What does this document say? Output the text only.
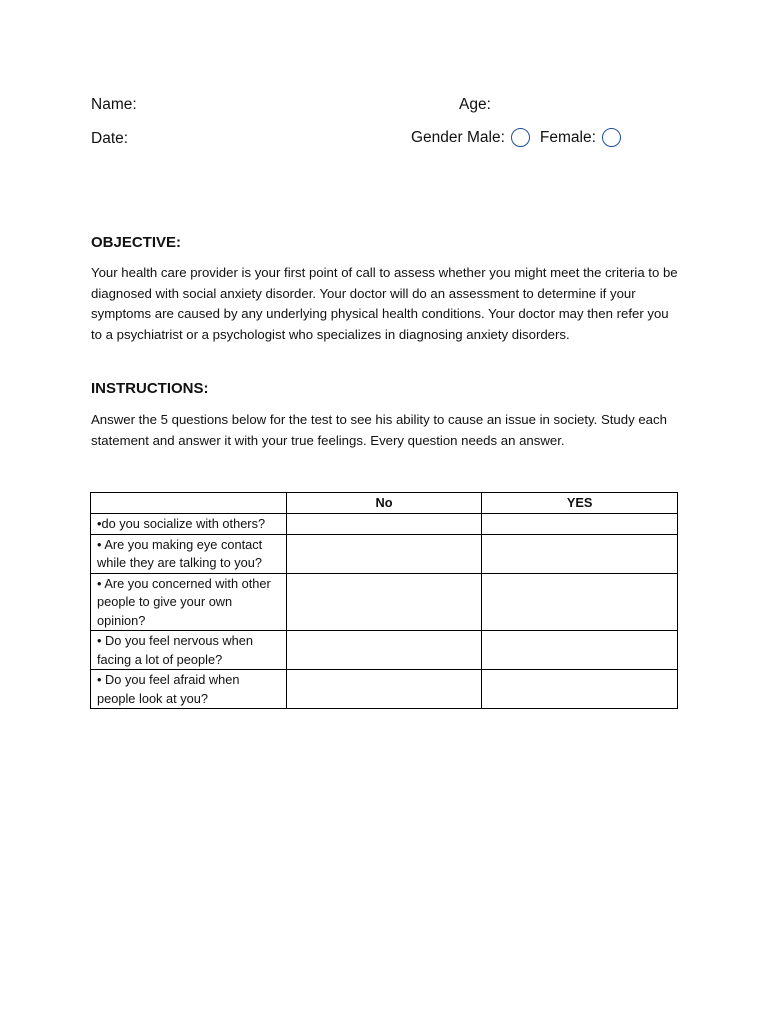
Name:	Age:
Date:	Gender Male: Female:
OBJECTIVE:

Your health care provider is your first point of call to assess whether you might meet the criteria to be diagnosed with social anxiety disorder. Your doctor will do an assessment to determine if your symptoms are caused by any underlying physical health conditions. Your doctor may then refer you to a psychiatrist or a psychologist who specializes in diagnosing anxiety disorders.

INSTRUCTIONS:

Answer the 5 questions below for the test to see his ability to cause an issue in society. Study each statement and answer it with your true feelings. Every question needs an answer.

	No	YES
•do you socialize with others?		
• Are you making eye contact while they are talking to you?		
• Are you concerned with other people to give your own opinion?		
• Do you feel nervous when facing a lot of people?		
• Do you feel afraid when people look at you?		
